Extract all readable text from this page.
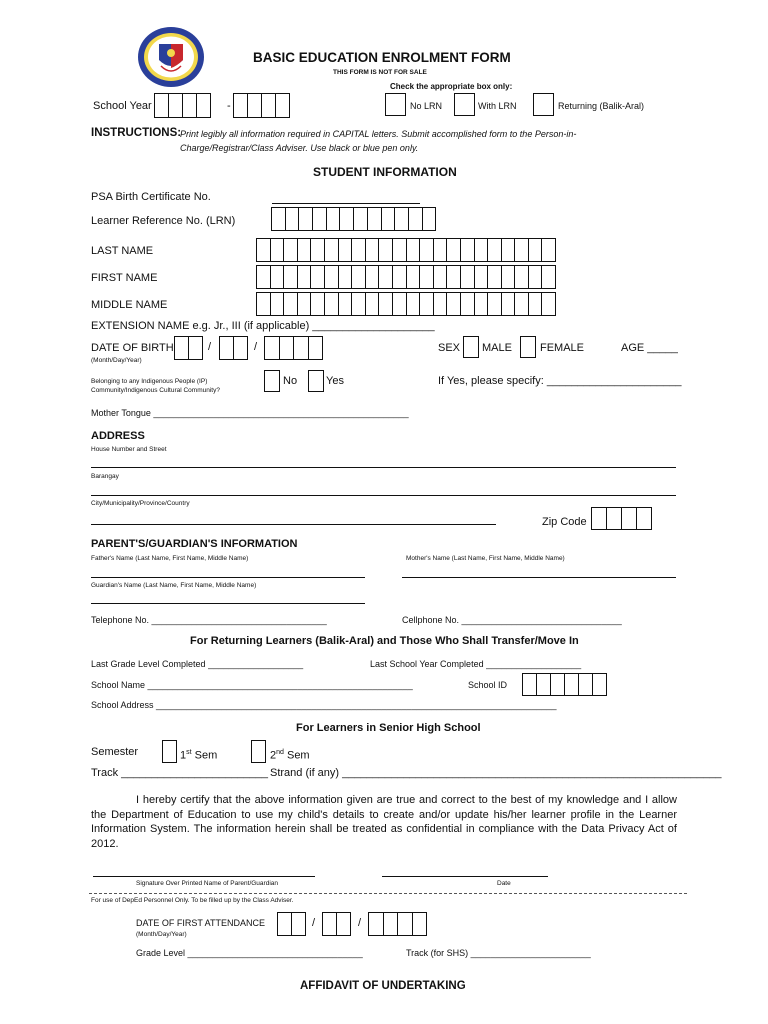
BASIC EDUCATION ENROLMENT FORM
THIS FORM IS NOT FOR SALE
Check the appropriate box only:
School Year	-	No LRN	With LRN	Returning (Balik-Aral)
INSTRUCTIONS:
Print legibly all information required in CAPITAL letters. Submit accomplished form to the Person-in-
Charge/Registrar/Class Adviser. Use black or blue pen only.
STUDENT INFORMATION
PSA Birth Certificate No.
Learner Reference No. (LRN)
LAST NAME
FIRST NAME
MIDDLE NAME
EXTENSION NAME e.g. Jr., III (if applicable) ____________________
DATE OF BIRTH
(Month/Day/Year)
/	/	SEX MALE	FEMALE	AGE _____
Belonging to any Indigenous People (IP)
Community/Indigenous Cultural Community?
No	Yes	If Yes, please specify: ______________________
Mother Tongue ___________________________________________________
ADDRESS
House Number and Street
Barangay
City/Municipality/Province/Country
Zip Code
PARENT'S/GUARDIAN'S INFORMATION
Father's Name (Last Name, First Name, Middle Name)	Mother's Name (Last Name, First Name, Middle Name)
Guardian's Name (Last Name, First Name, Middle Name)
Telephone No. ___________________________________	Cellphone No. ________________________________
For Returning Learners (Balik-Aral) and Those Who Shall Transfer/Move In
Last Grade Level Completed ___________________	Last School Year Completed ___________________
School Name _____________________________________________________	School ID
School Address ________________________________________________________________________________
For Learners in Senior High School
Semester	1st Sem	2nd Sem
Track ________________________ Strand (if any) ______________________________________________________________
I hereby certify that the above information given are true and correct to the best of my knowledge and I allow the Department of Education to use my child's details to create and/or update his/her learner profile in the Learner Information System. The information herein shall be treated as confidential in compliance with the Data Privacy Act of 2012.
Signature Over Printed Name of Parent/Guardian	Date
For use of DepEd Personnel Only. To be filled up by the Class Adviser.
DATE OF FIRST ATTENDANCE
(Month/Day/Year)
/	/
Grade Level ___________________________________	Track (for SHS) ________________________
AFFIDAVIT OF UNDERTAKING
